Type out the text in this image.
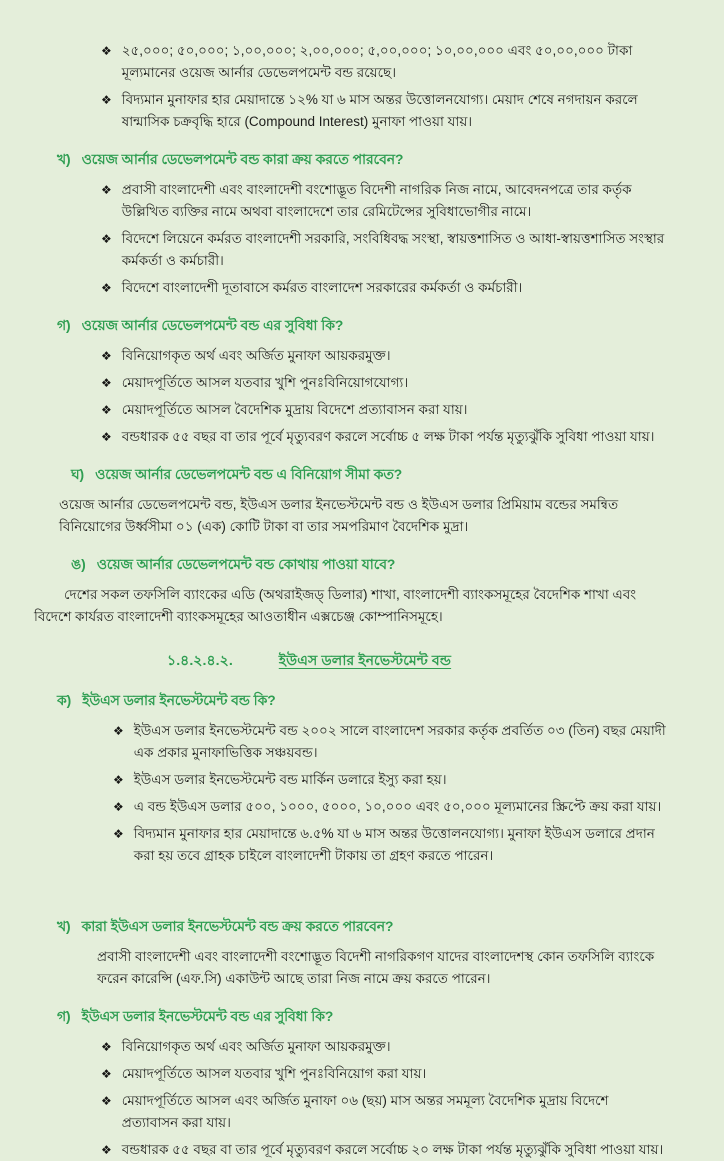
❖ ২৫,০০০; ৫০,০০০; ১,০০,০০০; ২,০০,০০০; ৫,০০,০০০; ১০,০০,০০০ এবং ৫০,০০,০০০ টাকা মূল্যমানের ওয়েজ আর্নার ডেভেলপমেন্ট বন্ড রয়েছে।
❖ বিদ্যমান মুনাফার হার মেয়াদান্তে ১২% যা ৬ মাস অন্তর উত্তোলনযোগ্য। মেয়াদ শেষে নগদায়ন করলে ষান্মাসিক চক্রবৃদ্ধি হারে (Compound Interest) মুনাফা পাওয়া যায়।
খ) ওয়েজ আর্নার ডেভেলপমেন্ট বন্ড কারা ক্রয় করতে পারবেন?
❖ প্রবাসী বাংলাদেশী এবং বাংলাদেশী বংশোদ্ভূত বিদেশী নাগরিক নিজ নামে, আবেদনপত্রে তার কর্তৃক উল্লিখিত ব্যক্তির নামে অথবা বাংলাদেশে তার রেমিটেন্সের সুবিধাভোগীর নামে।
❖ বিদেশে লিয়েনে কর্মরত বাংলাদেশী সরকারি, সংবিধিবদ্ধ সংস্থা, স্বায়ত্তশাসিত ও আধা-স্বায়ত্তশাসিত সংস্থার কর্মকর্তা ও কর্মচারী।
❖ বিদেশে বাংলাদেশী দূতাবাসে কর্মরত বাংলাদেশ সরকারের কর্মকর্তা ও কর্মচারী।
গ) ওয়েজ আর্নার ডেভেলপমেন্ট বন্ড এর সুবিধা কি?
❖ বিনিয়োগকৃত অর্থ এবং অর্জিত মুনাফা আয়করমুক্ত।
❖ মেয়াদপূর্তিতে আসল যতবার খুশি পুনঃবিনিয়োগযোগ্য।
❖ মেয়াদপূর্তিতে আসল বৈদেশিক মুদ্রায় বিদেশে প্রত্যাবাসন করা যায়।
❖ বন্ডধারক ৫৫ বছর বা তার পূর্বে মৃত্যুবরণ করলে সর্বোচ্চ ৫ লক্ষ টাকা পর্যন্ত মৃত্যুঝুঁকি সুবিধা পাওয়া যায়।
ঘ) ওয়েজ আর্নার ডেভেলপমেন্ট বন্ড এ বিনিয়োগ সীমা কত?

ওয়েজ আর্নার ডেভেলপমেন্ট বন্ড, ইউএস ডলার ইনভেস্টমেন্ট বন্ড ও ইউএস ডলার প্রিমিয়াম বন্ডের সমন্বিত বিনিয়োগের উর্ধ্বসীমা ০১ (এক) কোটি টাকা বা তার সমপরিমাণ বৈদেশিক মুদ্রা।

ঙ) ওয়েজ আর্নার ডেভেলপমেন্ট বন্ড কোথায় পাওয়া যাবে?

দেশের সকল তফসিলি ব্যাংকের এডি (অথরাইজড্ ডিলার) শাখা, বাংলাদেশী ব্যাংকসমূহের বৈদেশিক শাখা এবং বিদেশে কার্যরত বাংলাদেশী ব্যাংকসমূহের আওতাধীন এক্সচেঞ্জ কোম্পানিসমূহে।

১.৪.২.৪.২.	ইউএস ডলার ইনভেস্টমেন্ট বন্ড
ক) ইউএস ডলার ইনভেস্টমেন্ট বন্ড কি?
❖ ইউএস ডলার ইনভেস্টমেন্ট বন্ড ২০০২ সালে বাংলাদেশ সরকার কর্তৃক প্রবর্তিত ০৩ (তিন) বছর মেয়াদী এক প্রকার মুনাফাভিত্তিক সঞ্চয়বন্ড।
❖ ইউএস ডলার ইনভেস্টমেন্ট বন্ড মার্কিন ডলারে ইস্যু করা হয়।
❖ এ বন্ড ইউএস ডলার ৫০০, ১০০০, ৫০০০, ১০,০০০ এবং ৫০,০০০ মূল্যমানের স্ক্রিপ্টে ক্রয় করা যায়।
❖ বিদ্যমান মুনাফার হার মেয়াদান্তে ৬.৫% যা ৬ মাস অন্তর উত্তোলনযোগ্য। মুনাফা ইউএস ডলারে প্রদান করা হয় তবে গ্রাহক চাইলে বাংলাদেশী টাকায় তা গ্রহণ করতে পারেন।
খ) কারা ইউএস ডলার ইনভেস্টমেন্ট বন্ড ক্রয় করতে পারবেন?

প্রবাসী বাংলাদেশী এবং বাংলাদেশী বংশোদ্ভূত বিদেশী নাগরিকগণ যাদের বাংলাদেশস্থ কোন তফসিলি ব্যাংকে ফরেন কারেন্সি (এফ.সি) একাউন্ট আছে তারা নিজ নামে ক্রয় করতে পারেন।

গ) ইউএস ডলার ইনভেস্টমেন্ট বন্ড এর সুবিধা কি?
❖ বিনিয়োগকৃত অর্থ এবং অর্জিত মুনাফা আয়করমুক্ত।
❖ মেয়াদপূর্তিতে আসল যতবার খুশি পুনঃবিনিয়োগ করা যায়।
❖ মেয়াদপূর্তিতে আসল এবং অর্জিত মুনাফা ০৬ (ছয়) মাস অন্তর সমমূল্য বৈদেশিক মুদ্রায় বিদেশে প্রত্যাবাসন করা যায়।
❖ বন্ডধারক ৫৫ বছর বা তার পূর্বে মৃত্যুবরণ করলে সর্বোচ্চ ২০ লক্ষ টাকা পর্যন্ত মৃত্যুঝুঁকি সুবিধা পাওয়া যায়।
